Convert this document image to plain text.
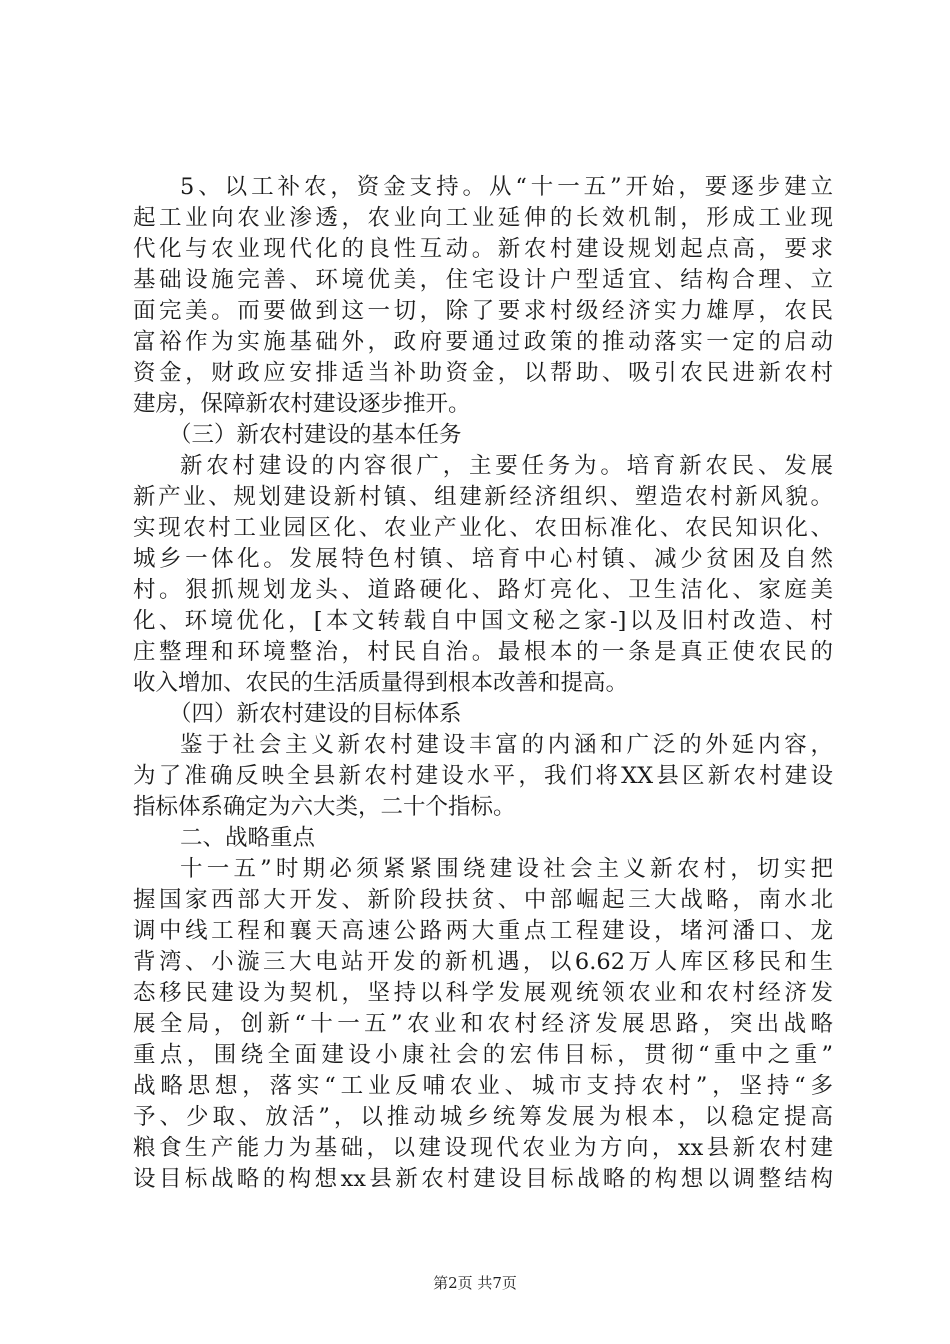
5、以工补农，资金支持。从“十一五”开始，要逐步建立
起工业向农业渗透，农业向工业延伸的长效机制，形成工业现
代化与农业现代化的良性互动。新农村建设规划起点高，要求
基础设施完善、环境优美，住宅设计户型适宜、结构合理、立
面完美。而要做到这一切，除了要求村级经济实力雄厚，农民
富裕作为实施基础外，政府要通过政策的推动落实一定的启动
资金，财政应安排适当补助资金，以帮助、吸引农民进新农村
建房，保障新农村建设逐步推开。
（三）新农村建设的基本任务
新农村建设的内容很广，主要任务为。培育新农民、发展
新产业、规划建设新村镇、组建新经济组织、塑造农村新风貌。
实现农村工业园区化、农业产业化、农田标准化、农民知识化、
城乡一体化。发展特色村镇、培育中心村镇、减少贫困及自然
村。狠抓规划龙头、道路硬化、路灯亮化、卫生洁化、家庭美
化、环境优化，[本文转载自中国文秘之家-]以及旧村改造、村
庄整理和环境整治，村民自治。最根本的一条是真正使农民的
收入增加、农民的生活质量得到根本改善和提高。
（四）新农村建设的目标体系
鉴于社会主义新农村建设丰富的内涵和广泛的外延内容，
为了准确反映全县新农村建设水平，我们将XX县区新农村建设
指标体系确定为六大类，二十个指标。
二、战略重点
十一五”时期必须紧紧围绕建设社会主义新农村，切实把
握国家西部大开发、新阶段扶贫、中部崛起三大战略，南水北
调中线工程和襄天高速公路两大重点工程建设，堵河潘口、龙
背湾、小漩三大电站开发的新机遇，以6.62万人库区移民和生
态移民建设为契机，坚持以科学发展观统领农业和农村经济发
展全局，创新“十一五”农业和农村经济发展思路，突出战略
重点，围绕全面建设小康社会的宏伟目标，贯彻“重中之重”
战略思想，落实“工业反哺农业、城市支持农村”，坚持“多
予、少取、放活”，以推动城乡统筹发展为根本，以稳定提高
粮食生产能力为基础，以建设现代农业为方向，xx县新农村建
设目标战略的构想xx县新农村建设目标战略的构想以调整结构
第2页 共7页
